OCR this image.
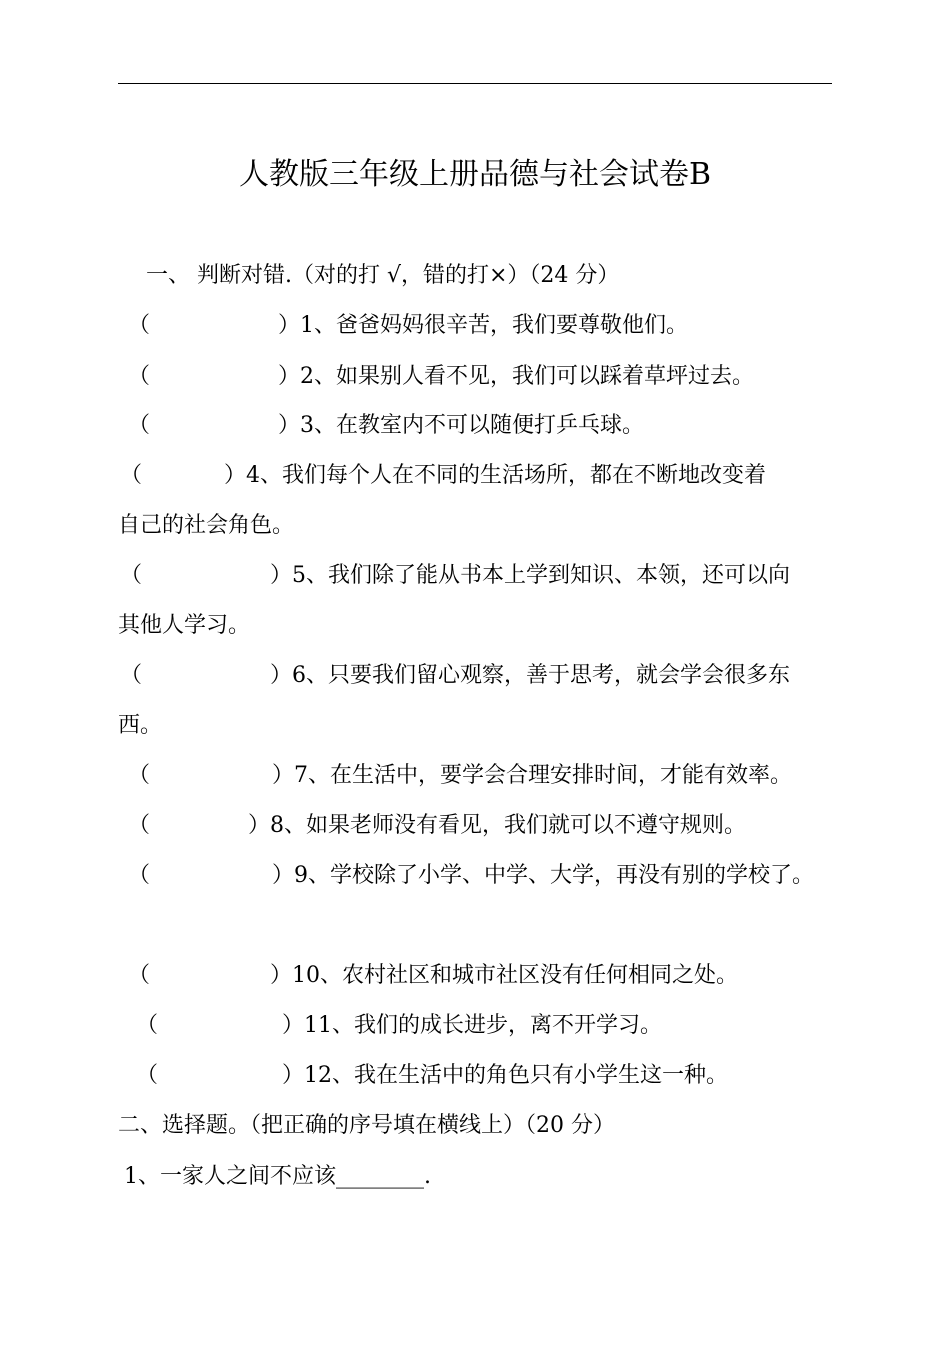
人教版三年级上册品德与社会试卷B
一、 判断对错.（对的打 √，错的打×）（24 分）
（	）1、爸爸妈妈很辛苦，我们要尊敬他们。
（	）2、如果别人看不见，我们可以踩着草坪过去。
（	）3、在教室内不可以随便打乒乓球。
（	）4、我们每个人在不同的生活场所，都在不断地改变着
自己的社会角色。
（	）5、我们除了能从书本上学到知识、本领，还可以向
其他人学习。
（	）6、只要我们留心观察，善于思考，就会学会很多东
西。
（	）7、在生活中，要学会合理安排时间，才能有效率。
（	）8、如果老师没有看见，我们就可以不遵守规则。
（	）9、学校除了小学、中学、大学，再没有别的学校了。
（	）10、农村社区和城市社区没有任何相同之处。
（	）11、我们的成长进步，离不开学习。
（	）12、我在生活中的角色只有小学生这一种。
二、选择题。（把正确的序号填在横线上）（20 分）
1、一家人之间不应该________.
